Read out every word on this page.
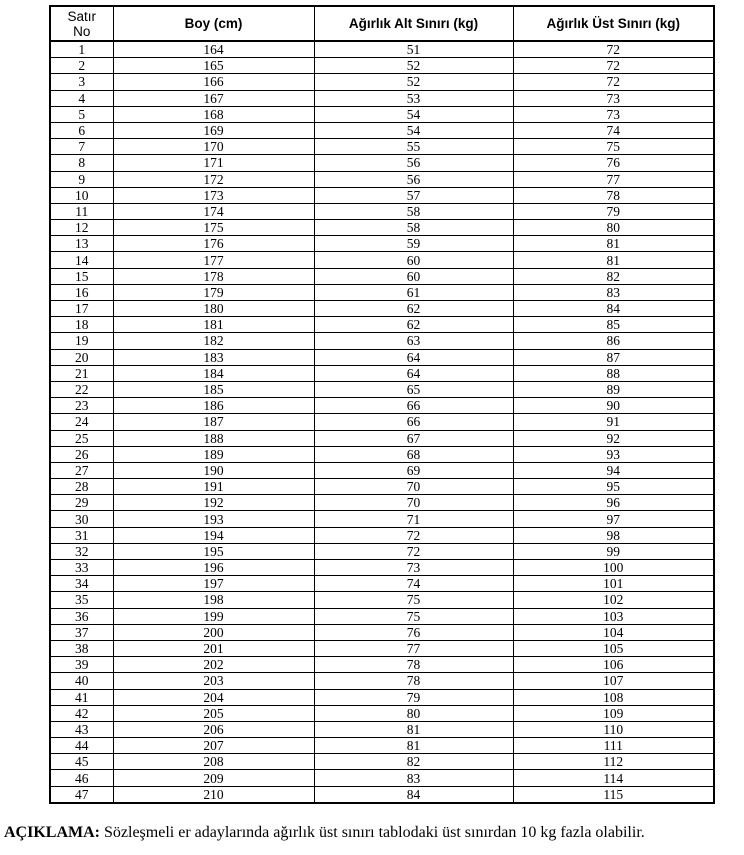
Satır
No	Boy (cm)	Ağırlık Alt Sınırı (kg)	Ağırlık Üst Sınırı (kg)
1	164	51	72
2	165	52	72
3	166	52	72
4	167	53	73
5	168	54	73
6	169	54	74
7	170	55	75
8	171	56	76
9	172	56	77
10	173	57	78
11	174	58	79
12	175	58	80
13	176	59	81
14	177	60	81
15	178	60	82
16	179	61	83
17	180	62	84
18	181	62	85
19	182	63	86
20	183	64	87
21	184	64	88
22	185	65	89
23	186	66	90
24	187	66	91
25	188	67	92
26	189	68	93
27	190	69	94
28	191	70	95
29	192	70	96
30	193	71	97
31	194	72	98
32	195	72	99
33	196	73	100
34	197	74	101
35	198	75	102
36	199	75	103
37	200	76	104
38	201	77	105
39	202	78	106
40	203	78	107
41	204	79	108
42	205	80	109
43	206	81	110
44	207	81	111
45	208	82	112
46	209	83	114
47	210	84	115
AÇIKLAMA: Sözleşmeli er adaylarında ağırlık üst sınırı tablodaki üst sınırdan 10 kg fazla olabilir.
